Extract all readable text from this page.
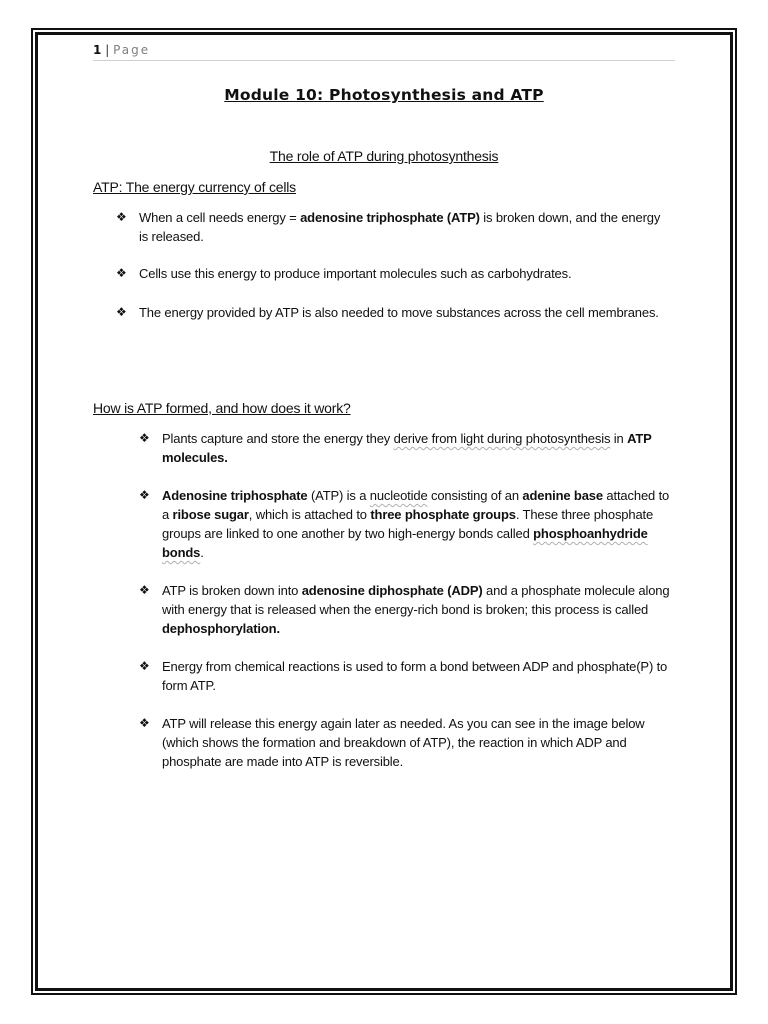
1 | Page
Module 10: Photosynthesis and ATP
The role of ATP during photosynthesis
ATP: The energy currency of cells
❖ When a cell needs energy = adenosine triphosphate (ATP) is broken down, and the energy is released.
❖ Cells use this energy to produce important molecules such as carbohydrates.
❖ The energy provided by ATP is also needed to move substances across the cell membranes.
How is ATP formed, and how does it work?
❖ Plants capture and store the energy they derive from light during photosynthesis in ATP molecules.
❖ Adenosine triphosphate (ATP) is a nucleotide consisting of an adenine base attached to a ribose sugar, which is attached to three phosphate groups. These three phosphate groups are linked to one another by two high-energy bonds called phosphoanhydride bonds.
❖ ATP is broken down into adenosine diphosphate (ADP) and a phosphate molecule along with energy that is released when the energy-rich bond is broken; this process is called dephosphorylation.
❖ Energy from chemical reactions is used to form a bond between ADP and phosphate(P) to form ATP.
❖ ATP will release this energy again later as needed. As you can see in the image below (which shows the formation and breakdown of ATP), the reaction in which ADP and phosphate are made into ATP is reversible.
